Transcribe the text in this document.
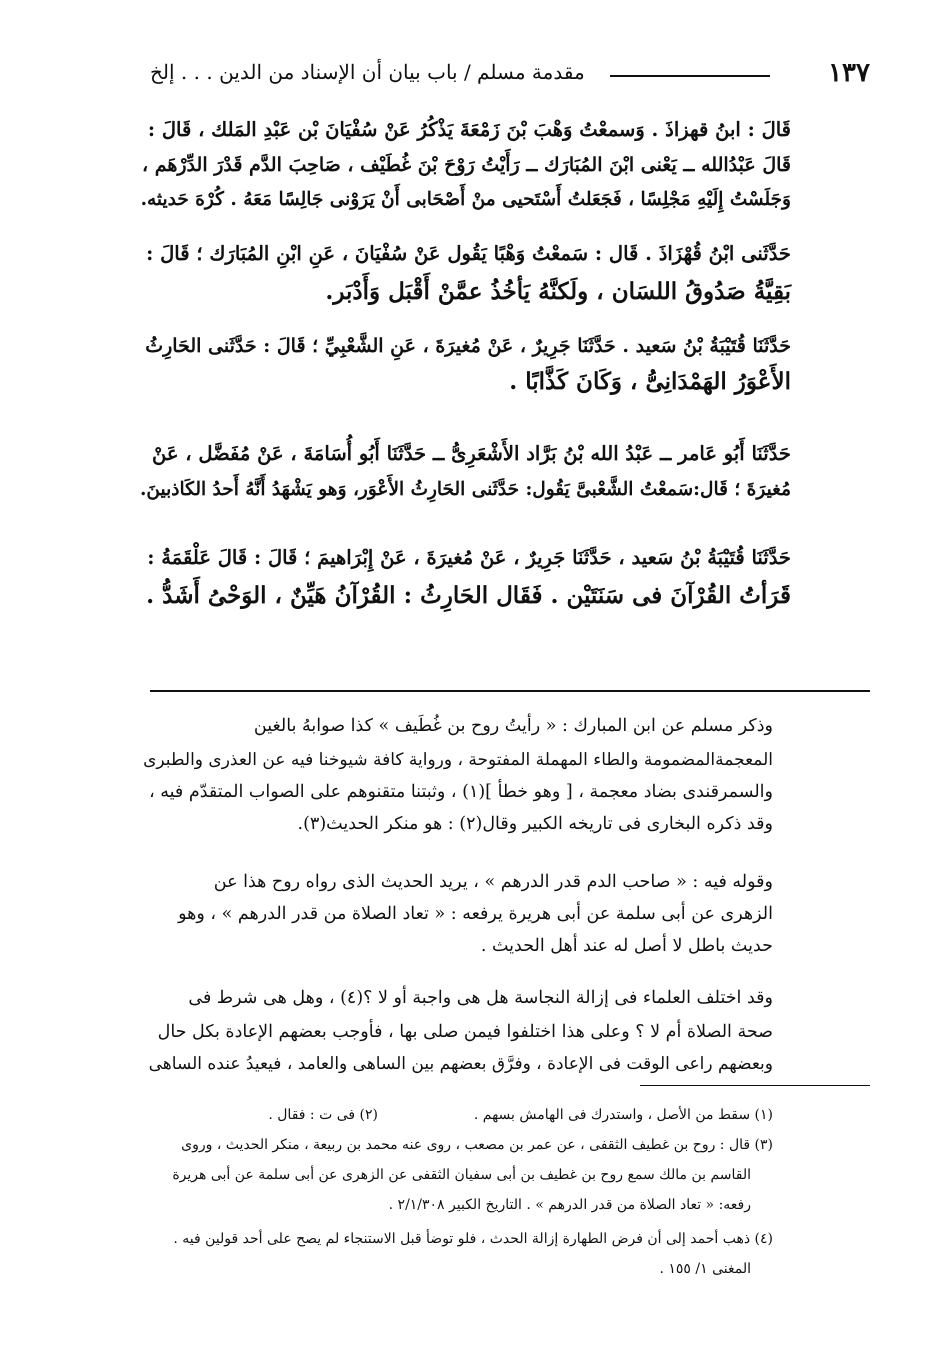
١٣٧
مقدمة مسلم / باب بيان أن الإسناد من الدين . . . إلخ
قَالَ : ابنُ قهزاذَ . وَسمعْتُ وَهْبَ بْنَ زَمْعَةَ يَذْكُرُ عَنْ سُفْيَانَ بْن عَبْدِ المَلك ، قَالَ :
قَالَ عَبْدُالله ــ يَعْنى ابْنَ المُبَارَك ــ رَأَيْتُ رَوْحَ بْنَ غُطَيْف ، صَاحِبَ الدَّم قَدْرَ الدِّرْهَم ،
وَجَلَسْتُ إِلَيْهِ مَجْلِسًا ، فَجَعَلتُ أَسْتَحيى منْ أَصْحَابى أَنْ يَرَوْنى جَالِسًا مَعَهُ . كُرْهَ حَديثه.
حَدَّثَنى ابْنُ قُهْزَاذَ . قَال : سَمعْتُ وَهْبًا يَقُول عَنْ سُفْيَانَ ، عَنِ ابْنِ المُبَارَك ؛ قَالَ :
بَقِيَّةُ صَدُوقُ اللسَان ، ولَكنَّهُ يَأخُذُ عمَّنْ أَقْبَل وَأَدْبَر.
حَدَّثَنَا قُتَيْبَةُ بْنُ سَعيد . حَدَّثَنَا جَرِيرٌ ، عَنْ مُغيرَةَ ، عَنِ الشَّعْبِيِّ ؛ قَالَ : حَدَّثَنى الحَارِثُ
الأَعْوَرُ الهَمْدَانِىُّ ، وَكَانَ كَذَّابًا .
حَدَّثَنَا أَبُو عَامر ــ عَبْدُ الله بْنُ بَرَّاد الأَشْعَرِىُّ ــ حَدَّثَنَا أَبُو أُسَامَةَ ، عَنْ مُفَضَّل ، عَنْ
مُغيرَةَ ؛ قَال:سَمعْتُ الشَّعْبىَّ يَقُول: حَدَّثَنى الحَارِثُ الأَعْوَر، وَهو يَشْهَدُ أَنَّهُ أَحدُ الكَاذبينَ.
حَدَّثَنَا قُتَيْبَةُ بْنُ سَعيد ، حَدَّثَنَا جَرِيرٌ ، عَنْ مُغيرَةَ ، عَنْ إِبْرَاهيمَ ؛ قَالَ : قَالَ عَلْقَمَةُ :
قَرَأتُ القُرْآنَ فى سَنَتَيْن . فَقَال الحَارِثُ : القُرْآنُ هَيِّنٌ ، الوَحْىُ أَشَدُّ .
وذكر مسلم عن ابن المبارك : « رأيتُ روح بن غُطَيف » كذا صوابهُ بالغين
المعجمةالمضمومة والطاء المهملة المفتوحة ، ورواية كافة شيوخنا فيه عن العذرى والطبرى
والسمرقندى بضاد معجمة ، [ وهو خطأ ](١) ، وثبتنا متقنوهم على الصواب المتقدّم فيه ،
وقد ذكره البخارى فى تاريخه الكبير وقال(٢) : هو منكر الحديث(٣).
وقوله فيه : « صاحب الدم قدر الدرهم » ، يريد الحديث الذى رواه روح هذا عن
الزهرى عن أبى سلمة عن أبى هريرة يرفعه : « تعاد الصلاة من قدر الدرهم » ، وهو
حديث باطل لا أصل له عند أهل الحديث .
وقد اختلف العلماء فى إزالة النجاسة هل هى واجبة أو لا ؟(٤) ، وهل هى شرط فى
صحة الصلاة أم لا ؟ وعلى هذا اختلفوا فيمن صلى بها ، فأوجب بعضهم الإعادة بكل حال
وبعضهم راعى الوقت فى الإعادة ، وفرَّق بعضهم بين الساهى والعامد ، فيعيدُ عنده الساهى
(١) سقط من الأصل ، واستدرك فى الهامش بسهم .
(٢) فى ت : فقال .
(٣) قال : روح بن غطيف الثقفى ، عن عمر بن مصعب ، روى عنه محمد بن ربيعة ، منكر الحديث ، وروى
القاسم بن مالك سمع روح بن غطيف بن أبى سفيان الثقفى عن الزهرى عن أبى سلمة عن أبى هريرة
رفعه: « تعاد الصلاة من قدر الدرهم » . التاريخ الكبير ٢/١/٣٠٨ .
(٤) ذهب أحمد إلى أن فرض الطهارة إزالة الحدث ، فلو توضأ قبل الاستنجاء لم يصح على أحد قولين فيه .
المغنى ١/ ١٥٥ .
